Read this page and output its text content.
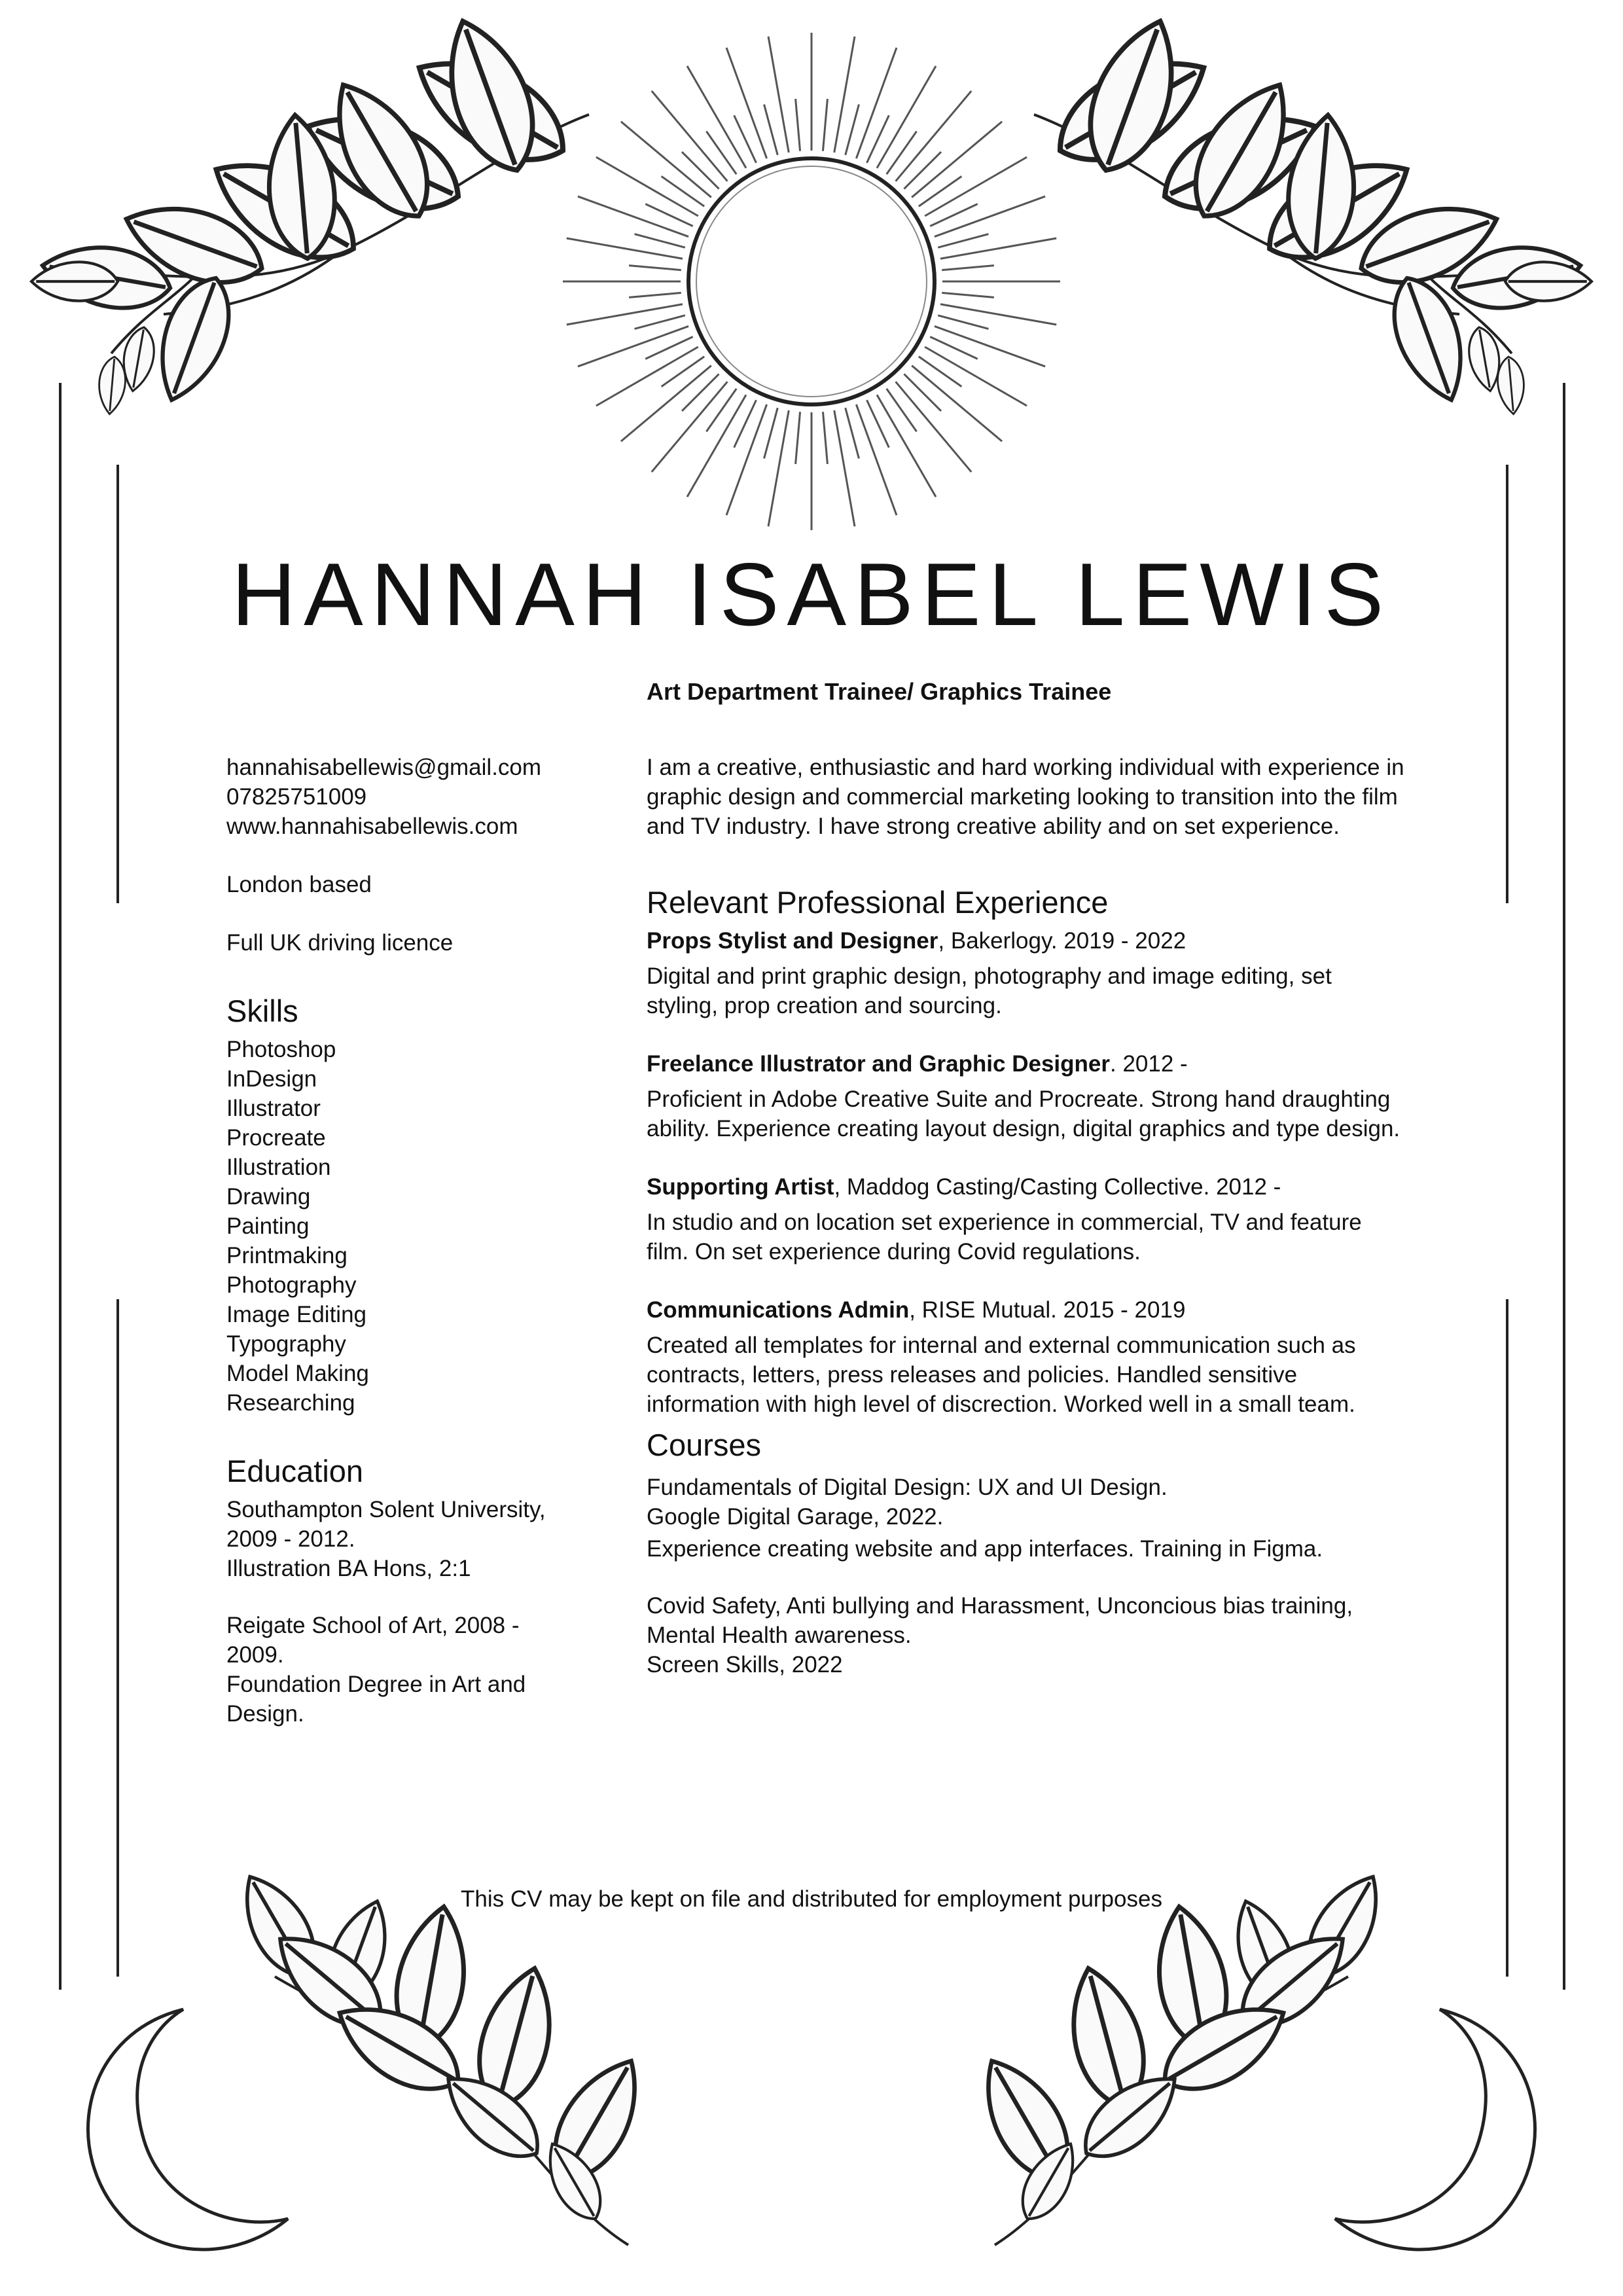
HANNAH ISABEL LEWIS

Art Department Trainee/ Graphics Trainee

hannahisabellewis@gmail.com
07825751009
www.hannahisabellewis.com
London based
Full UK driving licence
Skills
Photoshop
InDesign
Illustrator
Procreate
Illustration
Drawing
Painting
Printmaking
Photography
Image Editing
Typography
Model Making
Researching
Education
Southampton Solent University,
2009 - 2012.
Illustration BA Hons, 2:1
Reigate School of Art, 2008 -
2009.
Foundation Degree in Art and Design.
I am a creative, enthusiastic and hard working individual with experience in graphic design and commercial marketing looking to transition into the film and TV industry. I have strong creative ability and on set experience.
Relevant Professional Experience
Props Stylist and Designer, Bakerlogy. 2019 - 2022
Digital and print graphic design, photography and image editing, set styling, prop creation and sourcing.
Freelance Illustrator and Graphic Designer. 2012 -
Proficient in Adobe Creative Suite and Procreate. Strong hand draughting ability. Experience creating layout design, digital graphics and type design.
Supporting Artist, Maddog Casting/Casting Collective. 2012 -
In studio and on location set experience in commercial, TV and feature film. On set experience during Covid regulations.
Communications Admin, RISE Mutual. 2015 - 2019
Created all templates for internal and external communication such as contracts, letters, press releases and policies. Handled sensitive information with high level of discrection. Worked well in a small team.
Courses
Fundamentals of Digital Design: UX and UI Design.
Google Digital Garage, 2022.
Experience creating website and app interfaces. Training in Figma.
Covid Safety, Anti bullying and Harassment, Unconcious bias training, Mental Health awareness.
Screen Skills, 2022

This CV may be kept on file and distributed for employment purposes
